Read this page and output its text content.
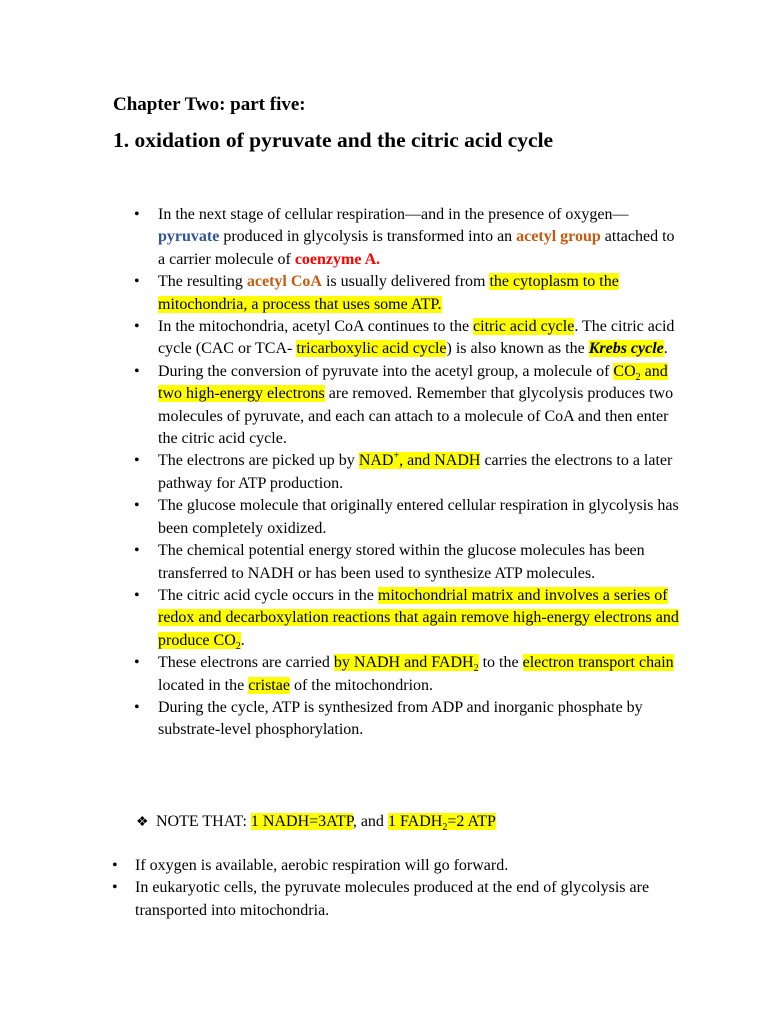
Chapter Two: part five:

1. oxidation of pyruvate and the citric acid cycle

• In the next stage of cellular respiration—and in the presence of oxygen—pyruvate produced in glycolysis is transformed into an acetyl group attached to a carrier molecule of coenzyme A.
• The resulting acetyl CoA is usually delivered from the cytoplasm to the mitochondria, a process that uses some ATP.
• In the mitochondria, acetyl CoA continues to the citric acid cycle. The citric acid cycle (CAC or TCA- tricarboxylic acid cycle) is also known as the Krebs cycle.
• During the conversion of pyruvate into the acetyl group, a molecule of $CO_2$ and two high-energy electrons are removed. Remember that glycolysis produces two molecules of pyruvate, and each can attach to a molecule of CoA and then enter the citric acid cycle.
• The electrons are picked up by NAD+, and NADH carries the electrons to a later pathway for ATP production.
• The glucose molecule that originally entered cellular respiration in glycolysis has been completely oxidized.
• The chemical potential energy stored within the glucose molecules has been transferred to NADH or has been used to synthesize ATP molecules.
• The citric acid cycle occurs in the mitochondrial matrix and involves a series of redox and decarboxylation reactions that again remove high-energy electrons and produce $CO_2$.
• These electrons are carried by NADH and $FADH_2$ to the electron transport chain located in the cristae of the mitochondrion.
• During the cycle, ATP is synthesized from ADP and inorganic phosphate by substrate-level phosphorylation.
❖ NOTE THAT: 1 NADH=3ATP, and 1 $FADH_2=2$ ATP
• If oxygen is available, aerobic respiration will go forward.
• In eukaryotic cells, the pyruvate molecules produced at the end of glycolysis are transported into mitochondria.
